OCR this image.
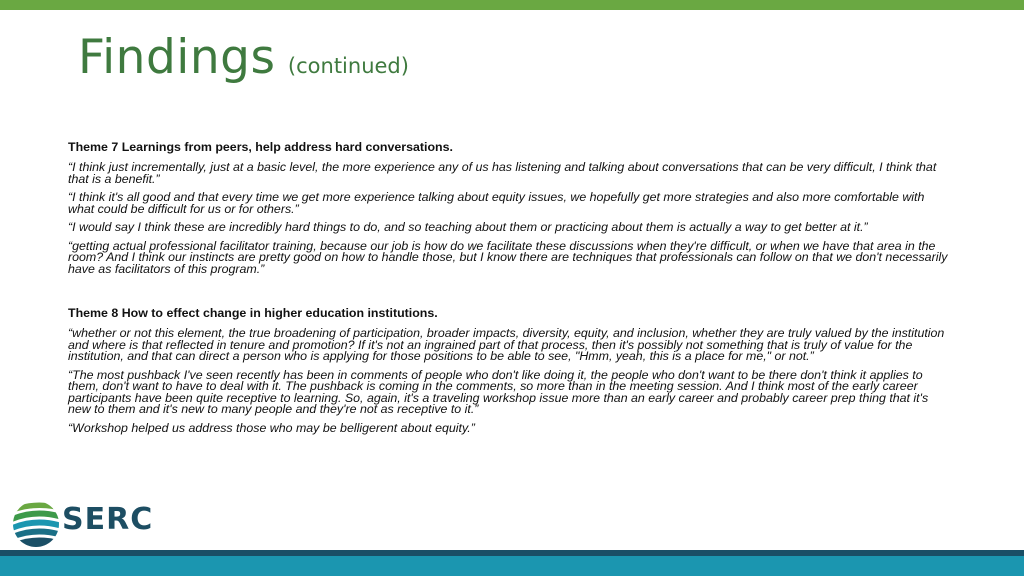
Findings (continued)
Theme 7 Learnings from peers, help address hard conversations.

“I think just incrementally, just at a basic level, the more experience any of us has listening and talking about conversations that can be very difficult, I think that that is a benefit.”

“I think it's all good and that every time we get more experience talking about equity issues, we hopefully get more strategies and also more comfortable with what could be difficult for us or for others.”

“I would say I think these are incredibly hard things to do, and so teaching about them or practicing about them is actually a way to get better at it.”

“getting actual professional facilitator training, because our job is how do we facilitate these discussions when they're difficult, or when we have that area in the room? And I think our instincts are pretty good on how to handle those, but I know there are techniques that professionals can follow on that we don't necessarily have as facilitators of this program.”

Theme 8 How to effect change in higher education institutions.

“whether or not this element, the true broadening of participation, broader impacts, diversity, equity, and inclusion, whether they are truly valued by the institution and where is that reflected in tenure and promotion? If it's not an ingrained part of that process, then it's possibly not something that is truly of value for the institution, and that can direct a person who is applying for those positions to be able to see, "Hmm, yeah, this is a place for me," or not.”

“The most pushback I've seen recently has been in comments of people who don't like doing it, the people who don't want to be there don't think it applies to them, don't want to have to deal with it. The pushback is coming in the comments, so more than in the meeting session. And I think most of the early career participants have been quite receptive to learning. So, again, it's a traveling workshop issue more than an early career and probably career prep thing that it's new to them and it's new to many people and they're not as receptive to it.”

“Workshop helped us address those who may be belligerent about equity.”

SERC
